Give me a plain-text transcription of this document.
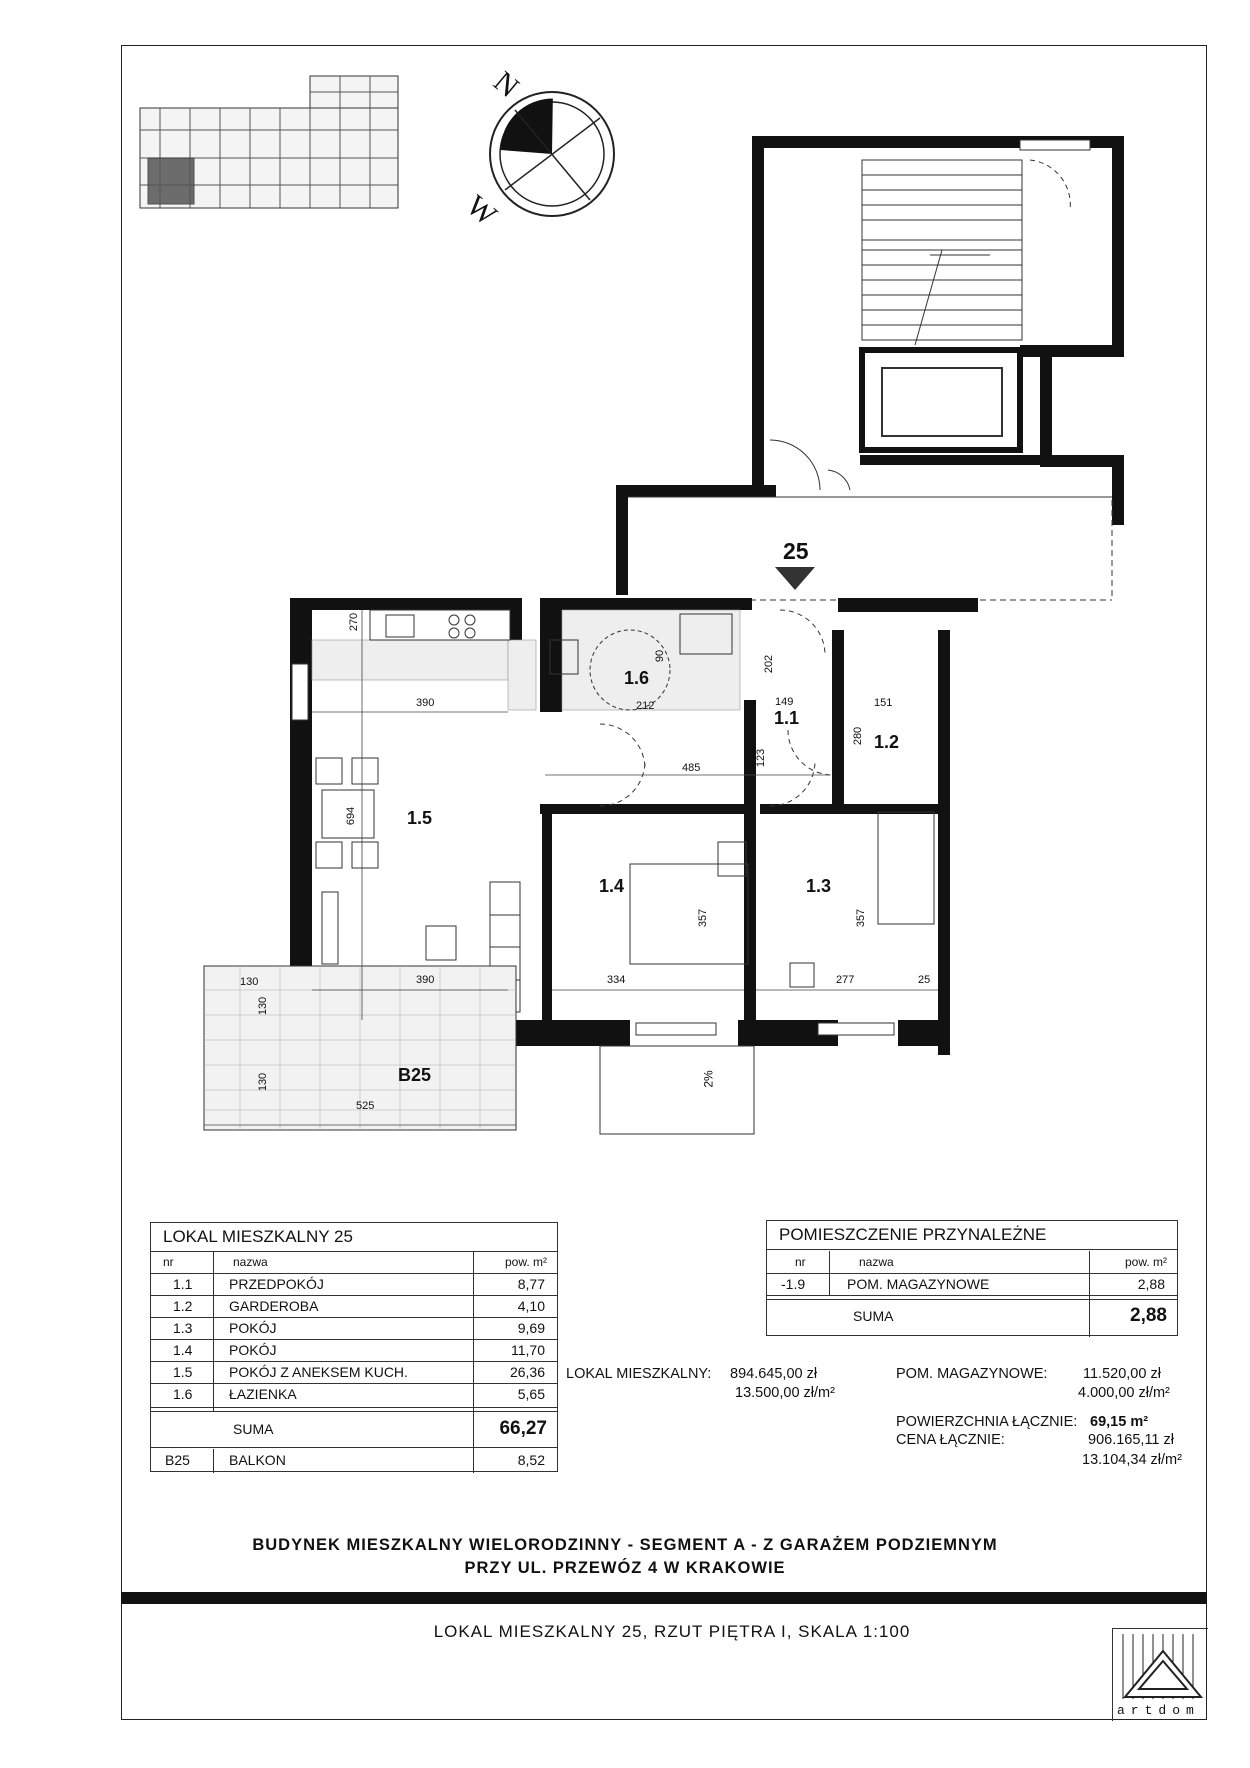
N
W
25
B25	2%
1.1
1.2
1.3
1.4
1.5
1.6
390
694
390
485
123
149
202
151
280
334
357	357
277	25
130
130
130
525
270
212
90
LOKAL MIESZKALNY 25
nr	nazwa	pow. m²
1.1	PRZEDPOKÓJ	8,77
1.2	GARDEROBA	4,10
1.3	POKÓJ	9,69
1.4	POKÓJ	11,70
1.5	POKÓJ Z ANEKSEM KUCH.	26,36
1.6	ŁAZIENKA	5,65
SUMA	66,27
B25	BALKON	8,52
POMIESZCZENIE PRZYNALEŻNE
nr	nazwa	pow. m²
-1.9	POM. MAGAZYNOWE	2,88
SUMA	2,88
LOKAL MIESZKALNY: 894.645,00 zł
13.500,00 zł/m²
POM. MAGAZYNOWE: 11.520,00 zł
4.000,00 zł/m²
POWIERZCHNIA ŁĄCZNIE: 69,15 m²
CENA ŁĄCZNIE:	906.165,11 zł
13.104,34 zł/m²
BUDYNEK MIESZKALNY WIELORODZINNY - SEGMENT A - Z GARAŻEM PODZIEMNYM
PRZY UL. PRZEWÓZ 4 W KRAKOWIE
LOKAL MIESZKALNY 25, RZUT PIĘTRA I, SKALA 1:100
artdom
